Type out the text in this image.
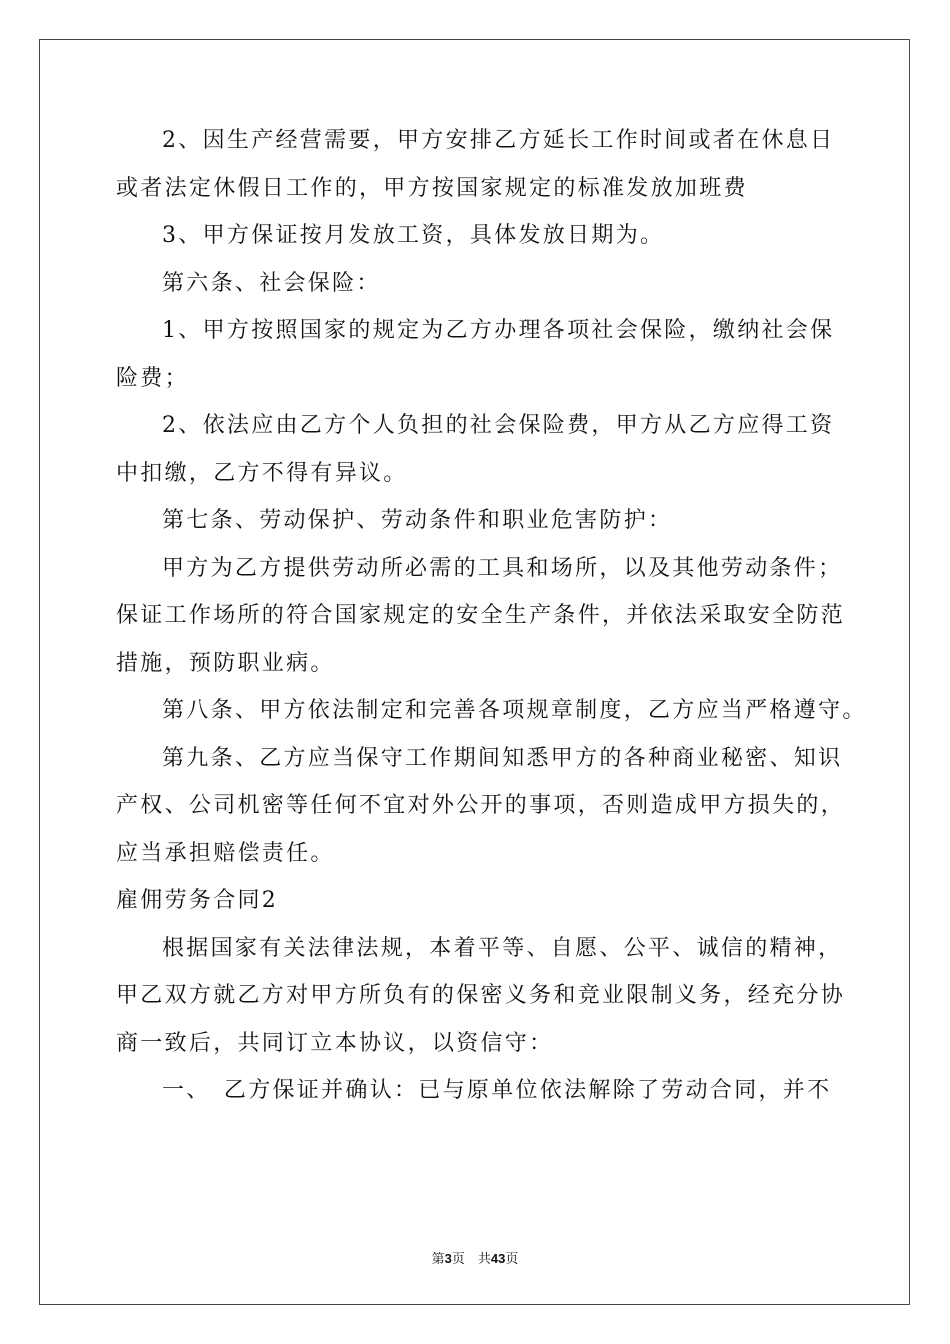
2、因生产经营需要，甲方安排乙方延长工作时间或者在休息日
或者法定休假日工作的，甲方按国家规定的标准发放加班费
3、甲方保证按月发放工资，具体发放日期为。
第六条、社会保险：
1、甲方按照国家的规定为乙方办理各项社会保险，缴纳社会保
险费；
2、依法应由乙方个人负担的社会保险费，甲方从乙方应得工资
中扣缴，乙方不得有异议。
第七条、劳动保护、劳动条件和职业危害防护：
甲方为乙方提供劳动所必需的工具和场所，以及其他劳动条件；
保证工作场所的符合国家规定的安全生产条件，并依法采取安全防范
措施，预防职业病。
第八条、甲方依法制定和完善各项规章制度，乙方应当严格遵守。
第九条、乙方应当保守工作期间知悉甲方的各种商业秘密、知识
产权、公司机密等任何不宜对外公开的事项，否则造成甲方损失的，
应当承担赔偿责任。
雇佣劳务合同2
根据国家有关法律法规，本着平等、自愿、公平、诚信的精神，
甲乙双方就乙方对甲方所负有的保密义务和竞业限制义务，经充分协
商一致后，共同订立本协议，以资信守：
一、　乙方保证并确认：已与原单位依法解除了劳动合同，并不
第3页　共43页
